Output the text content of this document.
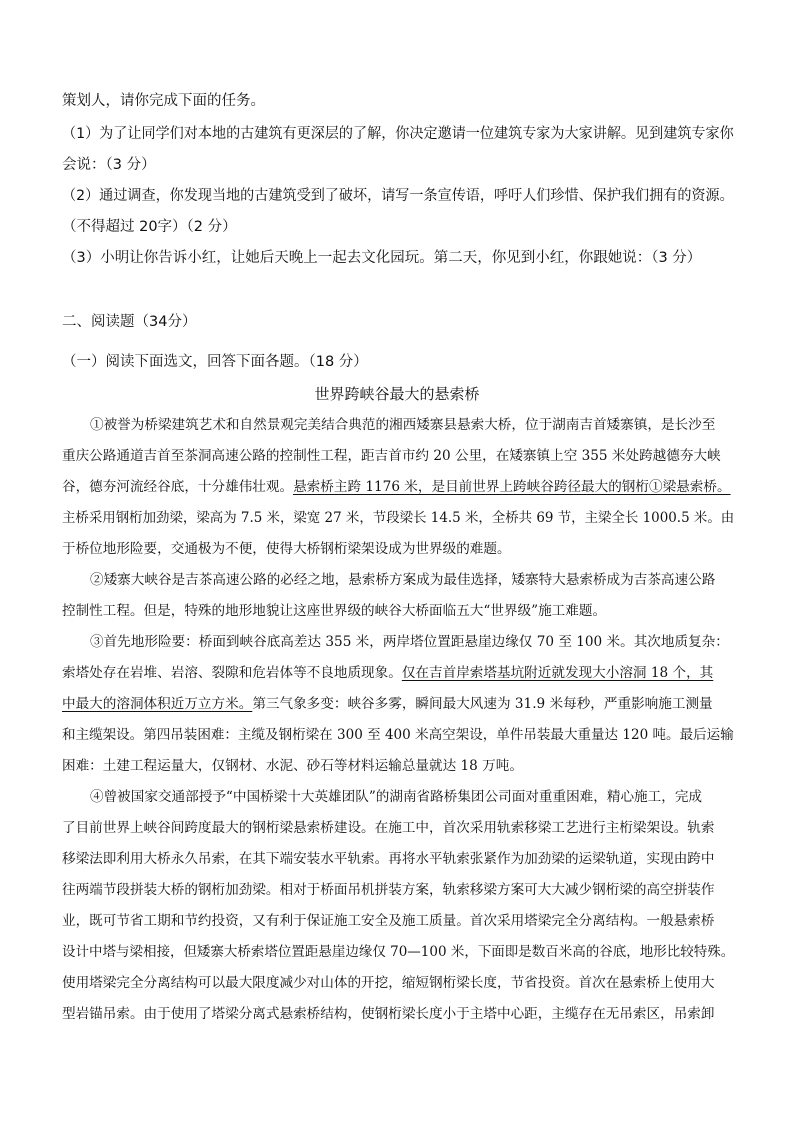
策划人，请你完成下面的任务。
（1）为了让同学们对本地的古建筑有更深层的了解，你决定邀请一位建筑专家为大家讲解。见到建筑专家你
会说：（3 分）
（2）通过调查，你发现当地的古建筑受到了破坏，请写一条宣传语，呼吁人们珍惜、保护我们拥有的资源。
（不得超过 20字）（2 分）
（3）小明让你告诉小红，让她后天晚上一起去文化园玩。第二天，你见到小红，你跟她说：（3 分）
二、阅读题（34分）
（一）阅读下面选文，回答下面各题。（18 分）
世界跨峡谷最大的悬索桥
①被誉为桥梁建筑艺术和自然景观完美结合典范的湘西矮寨县悬索大桥，位于湖南吉首矮寨镇，是长沙至
重庆公路通道吉首至茶洞高速公路的控制性工程，距吉首市约 20 公里，在矮寨镇上空 355 米处跨越德夯大峡
谷，德夯河流经谷底，十分雄伟壮观。悬索桥主跨 1176 米，是目前世界上跨峡谷跨径最大的钢桁①梁悬索桥。
主桥采用钢桁加劲梁，梁高为 7.5 米，梁宽 27 米，节段梁长 14.5 米，全桥共 69 节，主梁全长 1000.5 米。由
于桥位地形险要，交通极为不便，使得大桥钢桁梁架设成为世界级的难题。
②矮寨大峡谷是吉茶高速公路的必经之地，悬索桥方案成为最佳选择，矮寨特大悬索桥成为吉茶高速公路
控制性工程。但是，特殊的地形地貌让这座世界级的峡谷大桥面临五大“世界级”施工难题。
③首先地形险要：桥面到峡谷底高差达 355 米，两岸塔位置距悬崖边缘仅 70 至 100 米。其次地质复杂：
索塔处存在岩堆、岩溶、裂隙和危岩体等不良地质现象。仅在吉首岸索塔基坑附近就发现大小溶洞 18 个，其
中最大的溶洞体积近万立方米。第三气象多变：峡谷多雾，瞬间最大风速为 31.9 米每秒，严重影响施工测量
和主缆架设。第四吊装困难：主缆及钢桁梁在 300 至 400 米高空架设，单件吊装最大重量达 120 吨。最后运输
困难：土建工程运量大，仅钢材、水泥、砂石等材料运输总量就达 18 万吨。
④曾被国家交通部授予“中国桥梁十大英雄团队”的湖南省路桥集团公司面对重重困难，精心施工，完成
了目前世界上峡谷间跨度最大的钢桁梁悬索桥建设。在施工中，首次采用轨索移梁工艺进行主桁梁架设。轨索
移梁法即利用大桥永久吊索，在其下端安装水平轨索。再将水平轨索张紧作为加劲梁的运梁轨道，实现由跨中
往两端节段拼装大桥的钢桁加劲梁。相对于桥面吊机拼装方案，轨索移梁方案可大大减少钢桁梁的高空拼装作
业，既可节省工期和节约投资，又有利于保证施工安全及施工质量。首次采用塔梁完全分离结构。一般悬索桥
设计中塔与梁相接，但矮寨大桥索塔位置距悬崖边缘仅 70—100 米，下面即是数百米高的谷底，地形比较特殊。
使用塔梁完全分离结构可以最大限度减少对山体的开挖，缩短钢桁梁长度，节省投资。首次在悬索桥上使用大
型岩锚吊索。由于使用了塔梁分离式悬索桥结构，使钢桁梁长度小于主塔中心距，主缆存在无吊索区，吊索卸
